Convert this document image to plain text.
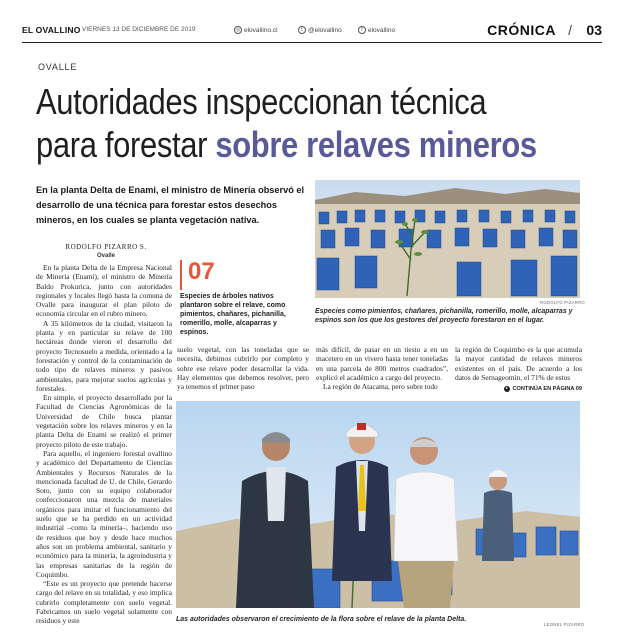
EL OVALLINO VIERNES 13 DE DICIEMBRE DE 2019	◎ elovallino.cl	t @elovallino	f elovallino	CRÓNICA / 03
OVALLE
Autoridades inspeccionan técnica
para forestar sobre relaves mineros
En la planta Delta de Enami, el ministro de Minería observó el desarrollo de una técnica para forestar estos desechos mineros, en los cuales se planta vegetación nativa.
RODOLFO PIZARRO S.
Ovalle
RODOLFO PIZARRO
Especies como pimientos, chañares, pichanilla, romerillo, molle, alcaparras y espinos son los que los gestores del proyecto forestaron en el lugar.
07
Especies de árboles nativos plantaron sobre el relave, como pimientos, chañares, pichanilla, romerillo, molle, alcaparras y espinos.

En la planta Delta de la Empresa Nacional de Minería (Enami), el ministro de Minería Baldo Prokurica, junto con autoridades regionales y locales llegó hasta la comuna de Ovalle para inaugurar el plan piloto de economía circular en el rubro minero.

A 35 kilómetros de la ciudad, visitaron la planta y en particular su relave de 100 hectáreas donde vieron el desarrollo del proyecto Tecnosuelo a medida, orientado a la forestación y control de la contaminación de todo tipo de relaves mineros y pasivos ambientales, para mejorar suelos agrícolas y forestales.

En simple, el proyecto desarrollado por la Facultad de Ciencias Agronómicas de la Universidad de Chile busca plantar vegetación sobre los relaves mineros y en la planta Delta de Enami se realizó el primer proyecto piloto de este trabajo.

Para aquello, el ingeniero forestal ovallino y académico del Departamento de Ciencias Ambientales y Recursos Naturales de la mencionada facultad de U. de Chile, Gerardo Soto, junto con su equipo colaborador confeccionaron una mezcla de materiales orgánicos para imitar el funcionamiento del suelo que se ha perdido en un actividad industrial –como la minería–, haciendo uso de residuos que hoy y desde hace muchos años son un problema ambiental, sanitario y económico para la minería, la agroindustria y las empresas sanitarias de la región de Coquimbo.

“Este es un proyecto que pretende hacerse cargo del relave en su totalidad, y eso implica cubrirlo completamente con suelo vegetal. Fabricamos un suelo vegetal solamente con residuos y este

suelo vegetal, con las toneladas que se necesita, debimos cubrirlo por completo y sobre ese relave poder desarrollar la vida. Hay elementos que debemos resolver, pero ya tenemos el primer paso

más difícil, de pasar en un tiesto a en un macetero en un vivero hasta tener toneladas en una parcela de 800 metros cuadrados”, explicó el académico a cargo del proyecto.

La región de Atacama, pero sobre todo

la región de Coquimbo es la que acumula la mayor cantidad de relaves mineros existentes en el país. De acuerdo a los datos de Sernageomin, el 71% de estos

CONTINÚA EN PÁGINA 09
LEONEL PIZARRO
Las autoridades observaron el crecimiento de la flora sobre el relave de la planta Delta.
